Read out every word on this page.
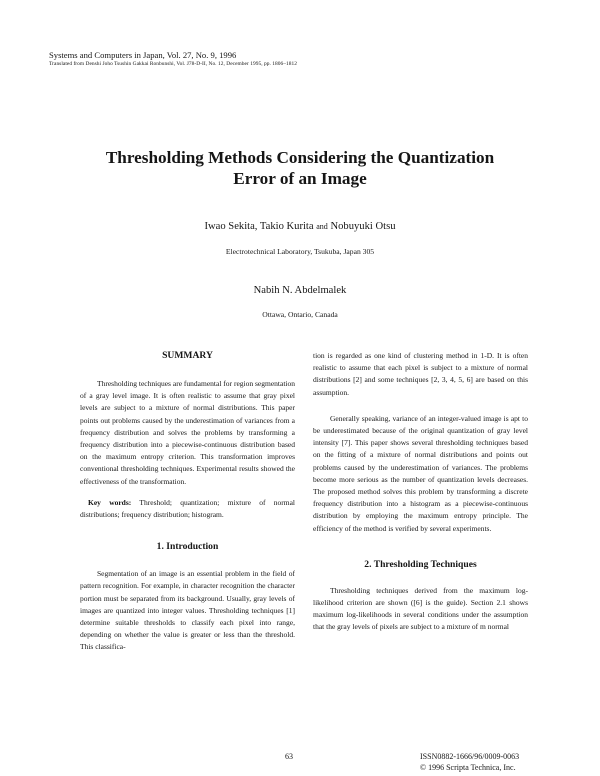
Systems and Computers in Japan, Vol. 27, No. 9, 1996
Translated from Denshi Joho Tsushin Gakkai Ronbunshi, Vol. J78-D-II, No. 12, December 1995, pp. 1806–1812
Thresholding Methods Considering the Quantization
Error of an Image
Iwao Sekita, Takio Kurita and Nobuyuki Otsu
Electrotechnical Laboratory, Tsukuba, Japan 305
Nabih N. Abdelmalek
Ottawa, Ontario, Canada
SUMMARY

Thresholding techniques are fundamental for region segmentation of a gray level image. It is often realistic to assume that gray pixel levels are subject to a mixture of normal distributions. This paper points out problems caused by the underestimation of variances from a frequency distribution and solves the problems by transforming a frequency distribution into a piecewise-continuous distribution based on the maximum entropy criterion. This transformation improves conventional thresholding techniques. Experimental results showed the effectiveness of the transformation.

Key words: Threshold; quantization; mixture of normal distributions; frequency distribution; histogram.

1. Introduction

Segmentation of an image is an essential problem in the field of pattern recognition. For example, in character recognition the character portion must be separated from its background. Usually, gray levels of images are quantized into integer values. Thresholding techniques [1] determine suitable thresholds to classify each pixel into range, depending on whether the value is greater or less than the threshold. This classifica-

tion is regarded as one kind of clustering method in 1-D. It is often realistic to assume that each pixel is subject to a mixture of normal distributions [2] and some techniques [2, 3, 4, 5, 6] are based on this assumption.

Generally speaking, variance of an integer-valued image is apt to be underestimated because of the original quantization of gray level intensity [7]. This paper shows several thresholding techniques based on the fitting of a mixture of normal distributions and points out problems caused by the underestimation of variances. The problems become more serious as the number of quantization levels decreases. The proposed method solves this problem by transforming a discrete frequency distribution into a histogram as a piecewise-continuous distribution by employing the maximum entropy principle. The efficiency of the method is verified by several experiments.

2. Thresholding Techniques

Thresholding techniques derived from the maximum log-likelihood criterion are shown ([6] is the guide). Section 2.1 shows maximum log-likelihoods in several conditions under the assumption that the gray levels of pixels are subject to a mixture of m normal

63	ISSN0882-1666/96/0009-0063
© 1996 Scripta Technica, Inc.
